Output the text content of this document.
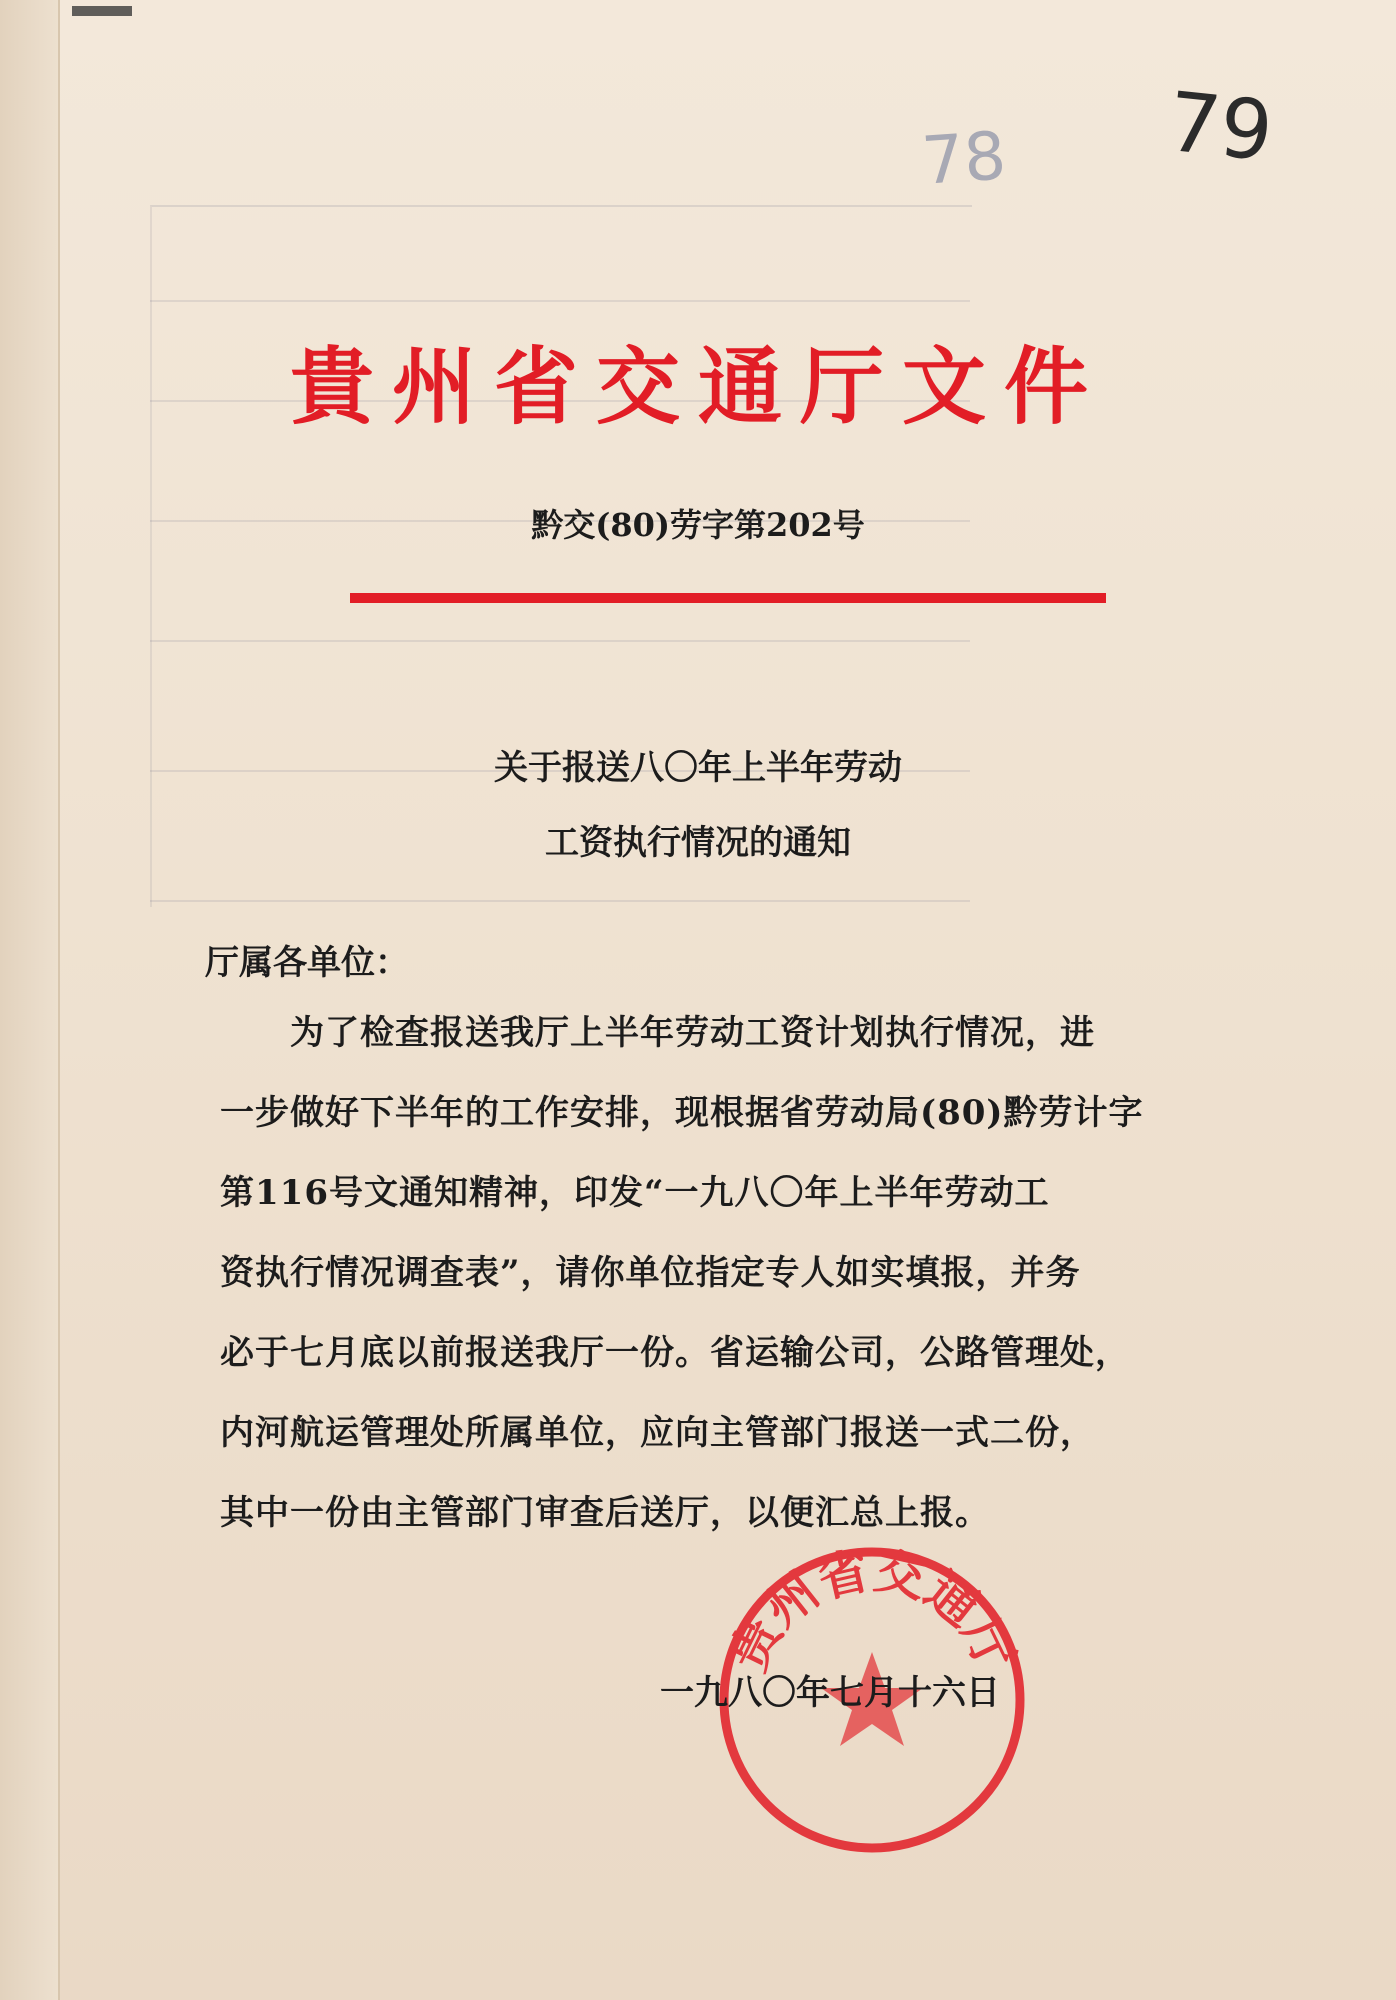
79
78
貴州省交通厅文件
黔交(80)劳字第202号
关于报送八〇年上半年劳动
工资执行情况的通知
厅属各单位：
为了检查报送我厅上半年劳动工资计划执行情况，进
一步做好下半年的工作安排，现根据省劳动局(80)黔劳计字
第116号文通知精神，印发“一九八〇年上半年劳动工
资执行情况调查表”，请你单位指定专人如实填报，并务
必于七月底以前报送我厅一份。省运输公司，公路管理处，
内河航运管理处所属单位，应向主管部门报送一式二份，
其中一份由主管部门审查后送厅，以便汇总上报。
贵州省交通厅
一九八〇年七月十六日
